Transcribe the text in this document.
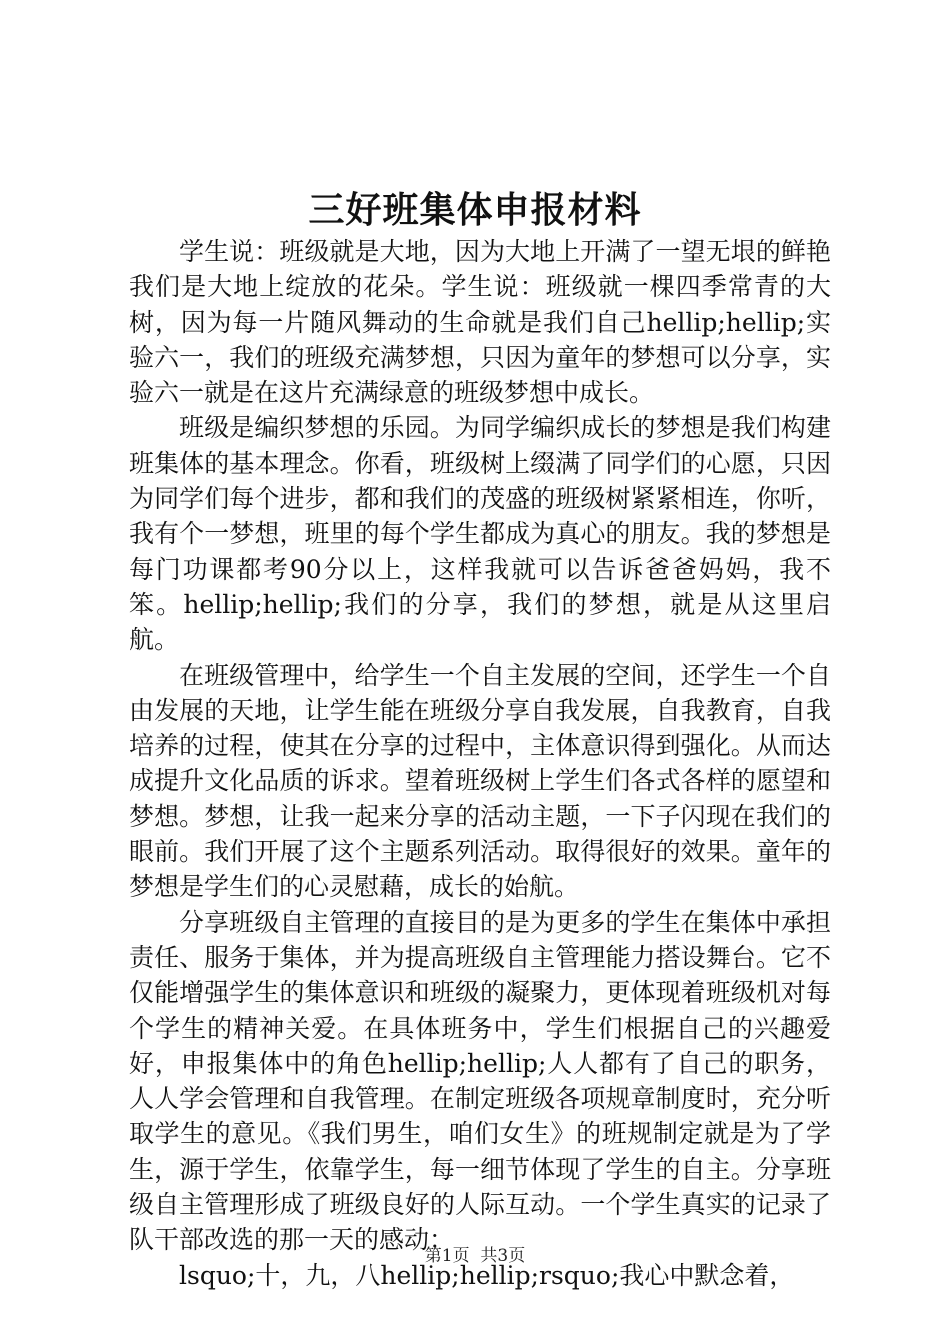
三好班集体申报材料

学生说：班级就是大地，因为大地上开满了一望无垠的鲜艳我们是大地上绽放的花朵。学生说：班级就一棵四季常青的大树，因为每一片随风舞动的生命就是我们自己hellip;hellip;实验六一，我们的班级充满梦想，只因为童年的梦想可以分享，实验六一就是在这片充满绿意的班级梦想中成长。

班级是编织梦想的乐园。为同学编织成长的梦想是我们构建班集体的基本理念。你看，班级树上缀满了同学们的心愿，只因为同学们每个进步，都和我们的茂盛的班级树紧紧相连，你听，我有个一梦想，班里的每个学生都成为真心的朋友。我的梦想是每门功课都考90分以上，这样我就可以告诉爸爸妈妈，我不笨。hellip;hellip;我们的分享，我们的梦想，就是从这里启航。

在班级管理中，给学生一个自主发展的空间，还学生一个自由发展的天地，让学生能在班级分享自我发展，自我教育，自我培养的过程，使其在分享的过程中，主体意识得到强化。从而达成提升文化品质的诉求。望着班级树上学生们各式各样的愿望和梦想。梦想，让我一起来分享的活动主题，一下子闪现在我们的眼前。我们开展了这个主题系列活动。取得很好的效果。童年的梦想是学生们的心灵慰藉，成长的始航。

分享班级自主管理的直接目的是为更多的学生在集体中承担责任、服务于集体，并为提高班级自主管理能力搭设舞台。它不仅能增强学生的集体意识和班级的凝聚力，更体现着班级机对每个学生的精神关爱。在具体班务中，学生们根据自己的兴趣爱好，申报集体中的角色hellip;hellip;人人都有了自己的职务，人人学会管理和自我管理。在制定班级各项规章制度时，充分听取学生的意见。《我们男生，咱们女生》的班规制定就是为了学生，源于学生，依靠学生，每一细节体现了学生的自主。分享班级自主管理形成了班级良好的人际互动。一个学生真实的记录了队干部改选的那一天的感动：

lsquo;十，九，八hellip;hellip;rsquo;我心中默念着，

第1页 共3页
